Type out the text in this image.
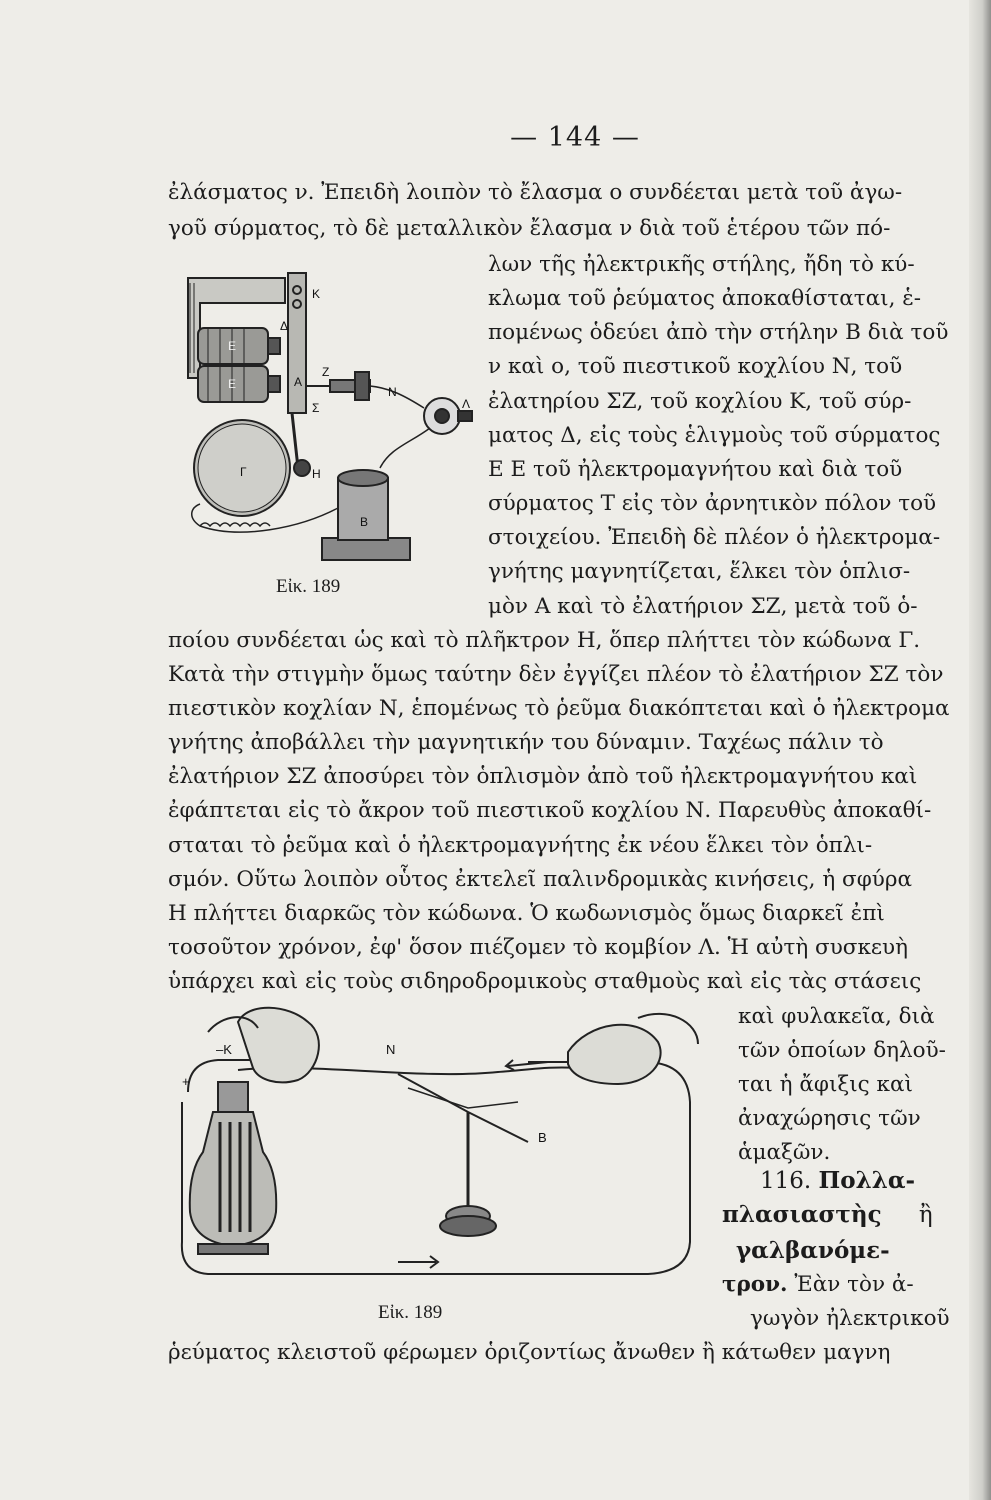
— 144 —
ἐλάσματος ν. Ἐπειδὴ λοιπὸν τὸ ἔλασμα ο συνδέεται μετὰ τοῦ ἀγω-
γοῦ σύρματος, τὸ δὲ μεταλλικὸν ἔλασμα ν διὰ τοῦ ἑτέρου τῶν πό-
λων τῆς ἠλεκτρικῆς στήλης, ἤδη τὸ κύ-
κλωμα τοῦ ῥεύματος ἀποκαθίσταται, ἑ-
πομένως ὁδεύει ἀπὸ τὴν στήλην Β διὰ τοῦ
ν καὶ ο, τοῦ πιεστικοῦ κοχλίου Ν, τοῦ
ἐλατηρίου ΣΖ, τοῦ κοχλίου Κ, τοῦ σύρ-
ματος Δ, εἰς τοὺς ἑλιγμοὺς τοῦ σύρματος
Ε Ε τοῦ ἠλεκτρομαγνήτου καὶ διὰ τοῦ
σύρματος Τ εἰς τὸν ἀρνητικὸν πόλον τοῦ
στοιχείου. Ἐπειδὴ δὲ πλέον ὁ ἠλεκτρομα-
γνήτης μαγνητίζεται, ἕλκει τὸν ὁπλισ-
μὸν Α καὶ τὸ ἐλατήριον ΣΖ, μετὰ τοῦ ὁ-
Κ
Δ
Ε
Ε	Α
Ζ
Σ
Ν
Γ	Η
Β
Λ
Εἰκ. 189
ποίου συνδέεται ὡς καὶ τὸ πλῆκτρον Η, ὅπερ πλήττει τὸν κώδωνα Γ.
Κατὰ τὴν στιγμὴν ὅμως ταύτην δὲν ἐγγίζει πλέον τὸ ἐλατήριον ΣΖ τὸν
πιεστικὸν κοχλίαν Ν, ἑπομένως τὸ ῥεῦμα διακόπτεται καὶ ὁ ἠλεκτρομα
γνήτης ἀποβάλλει τὴν μαγνητικήν του δύναμιν. Ταχέως πάλιν τὸ
ἐλατήριον ΣΖ ἀποσύρει τὸν ὁπλισμὸν ἀπὸ τοῦ ἠλεκτρομαγνήτου καὶ
ἐφάπτεται εἰς τὸ ἄκρον τοῦ πιεστικοῦ κοχλίου Ν. Παρευθὺς ἀποκαθί-
σταται τὸ ῥεῦμα καὶ ὁ ἠλεκτρομαγνήτης ἐκ νέου ἕλκει τὸν ὁπλι-
σμόν. Οὕτω λοιπὸν οὗτος ἐκτελεῖ παλινδρομικὰς κινήσεις, ἡ σφύρα
Η πλήττει διαρκῶς τὸν κώδωνα. Ὁ κωδωνισμὸς ὅμως διαρκεῖ ἐπὶ
τοσοῦτον χρόνον, ἐφ' ὅσον πιέζομεν τὸ κομβίον Λ. Ἡ αὐτὴ συσκευὴ
ὑπάρχει καὶ εἰς τοὺς σιδηροδρομικοὺς σταθμοὺς καὶ εἰς τὰς στάσεις
καὶ φυλακεῖα, διὰ
τῶν ὁποίων δηλοῦ-
ται ἡ ἄφιξις καὶ
ἀναχώρησις τῶν
ἁμαξῶν.
116. Πολλα-
πλασιαστὴς ἢ
γαλβανόμε-
τρον. Ἐὰν τὸν ἀ-
γωγὸν ἠλεκτρικοῦ
+
–Κ	Ν
Β
Εἰκ. 189
ῥεύματος κλειστοῦ φέρωμεν ὁριζοντίως ἄνωθεν ἢ κάτωθεν μαγνη
